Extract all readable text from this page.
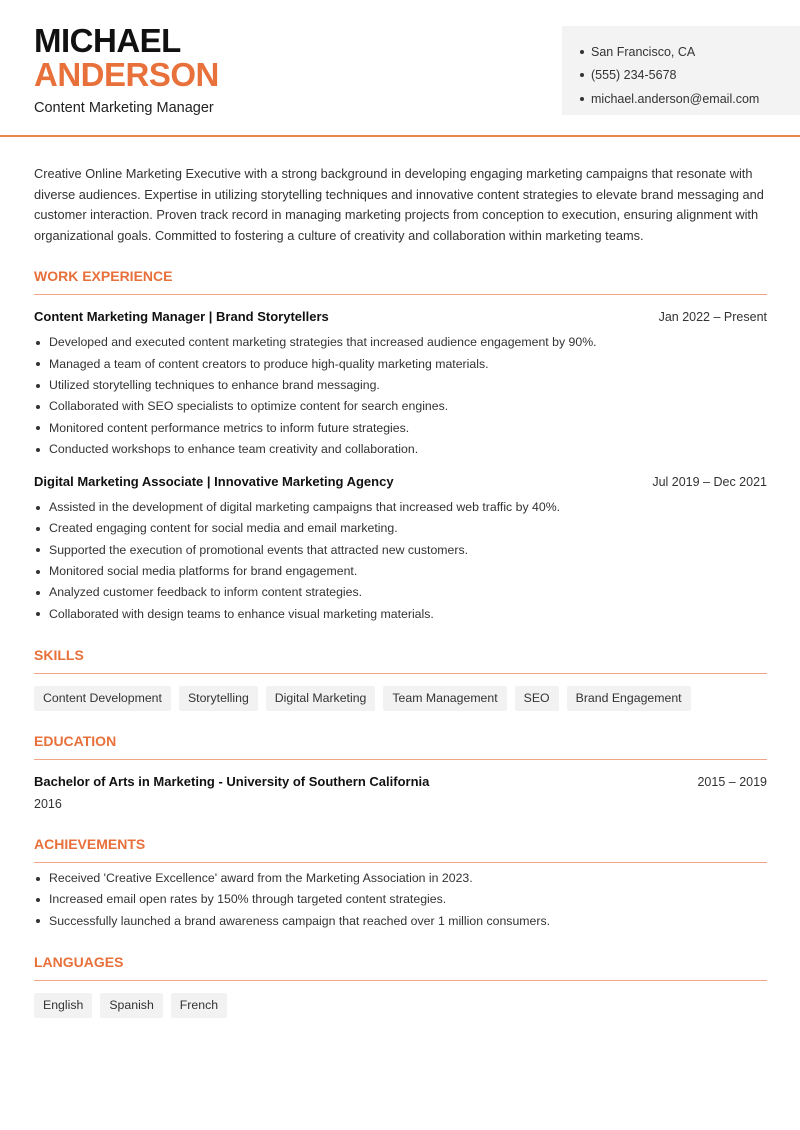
MICHAEL
ANDERSON
Content Marketing Manager
San Francisco, CA
(555) 234-5678
michael.anderson@email.com

Creative Online Marketing Executive with a strong background in developing engaging marketing campaigns that resonate with diverse audiences. Expertise in utilizing storytelling techniques and innovative content strategies to elevate brand messaging and customer interaction. Proven track record in managing marketing projects from conception to execution, ensuring alignment with organizational goals. Committed to fostering a culture of creativity and collaboration within marketing teams.

WORK EXPERIENCE
Content Marketing Manager | Brand Storytellers	Jan 2022 – Present
Developed and executed content marketing strategies that increased audience engagement by 90%.
Managed a team of content creators to produce high-quality marketing materials.
Utilized storytelling techniques to enhance brand messaging.
Collaborated with SEO specialists to optimize content for search engines.
Monitored content performance metrics to inform future strategies.
Conducted workshops to enhance team creativity and collaboration.
Digital Marketing Associate | Innovative Marketing Agency	Jul 2019 – Dec 2021
Assisted in the development of digital marketing campaigns that increased web traffic by 40%.
Created engaging content for social media and email marketing.
Supported the execution of promotional events that attracted new customers.
Monitored social media platforms for brand engagement.
Analyzed customer feedback to inform content strategies.
Collaborated with design teams to enhance visual marketing materials.
SKILLS
Content Development	Storytelling	Digital Marketing	Team Management	SEO	Brand Engagement
EDUCATION
Bachelor of Arts in Marketing - University of Southern California	2015 – 2019
2016
ACHIEVEMENTS
Received 'Creative Excellence' award from the Marketing Association in 2023.
Increased email open rates by 150% through targeted content strategies.
Successfully launched a brand awareness campaign that reached over 1 million consumers.
LANGUAGES
English	Spanish	French
